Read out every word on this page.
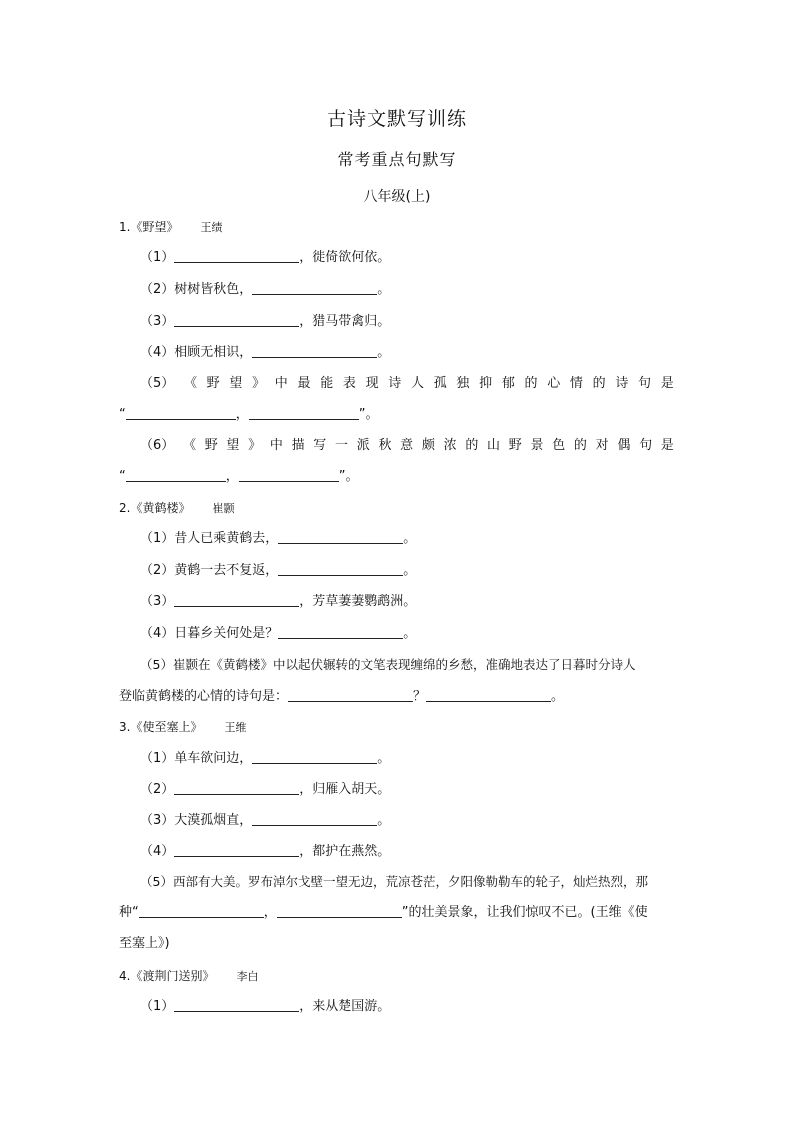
古诗文默写训练
常考重点句默写
八年级(上)
1.《野望》 王绩
（1）	，徙倚欲何依。
（2）树树皆秋色，	。
（3）	，猎马带禽归。
（4）相顾无相识，	。
（5） 《 野 望 》 中 最 能 表 现 诗 人 孤 独 抑 郁 的 心 情 的 诗 句 是
“	，	”。
（6） 《 野 望 》 中 描 写 一 派 秋 意 颇 浓 的 山 野 景 色 的 对 偶 句 是
“	，	”。
2.《黄鹤楼》 崔颢
（1）昔人已乘黄鹤去，	。
（2）黄鹤一去不复返，	。
（3）	，芳草萋萋鹦鹉洲。
（4）日暮乡关何处是？	。
（5）崔颢在《黄鹤楼》中以起伏辗转的文笔表现缠绵的乡愁，准确地表达了日暮时分诗人
登临黄鹤楼的心情的诗句是：	？	。
3.《使至塞上》 王维
（1）单车欲问边，	。
（2）	，归雁入胡天。
（3）大漠孤烟直，	。
（4）	，都护在燕然。
（5）西部有大美。罗布淖尔戈壁一望无边，荒凉苍茫，夕阳像勒勒车的轮子，灿烂热烈，那
种“	，	”的壮美景象，让我们惊叹不已。(王维《使
至塞上》)
4.《渡荆门送别》 李白
（1）	，来从楚国游。
